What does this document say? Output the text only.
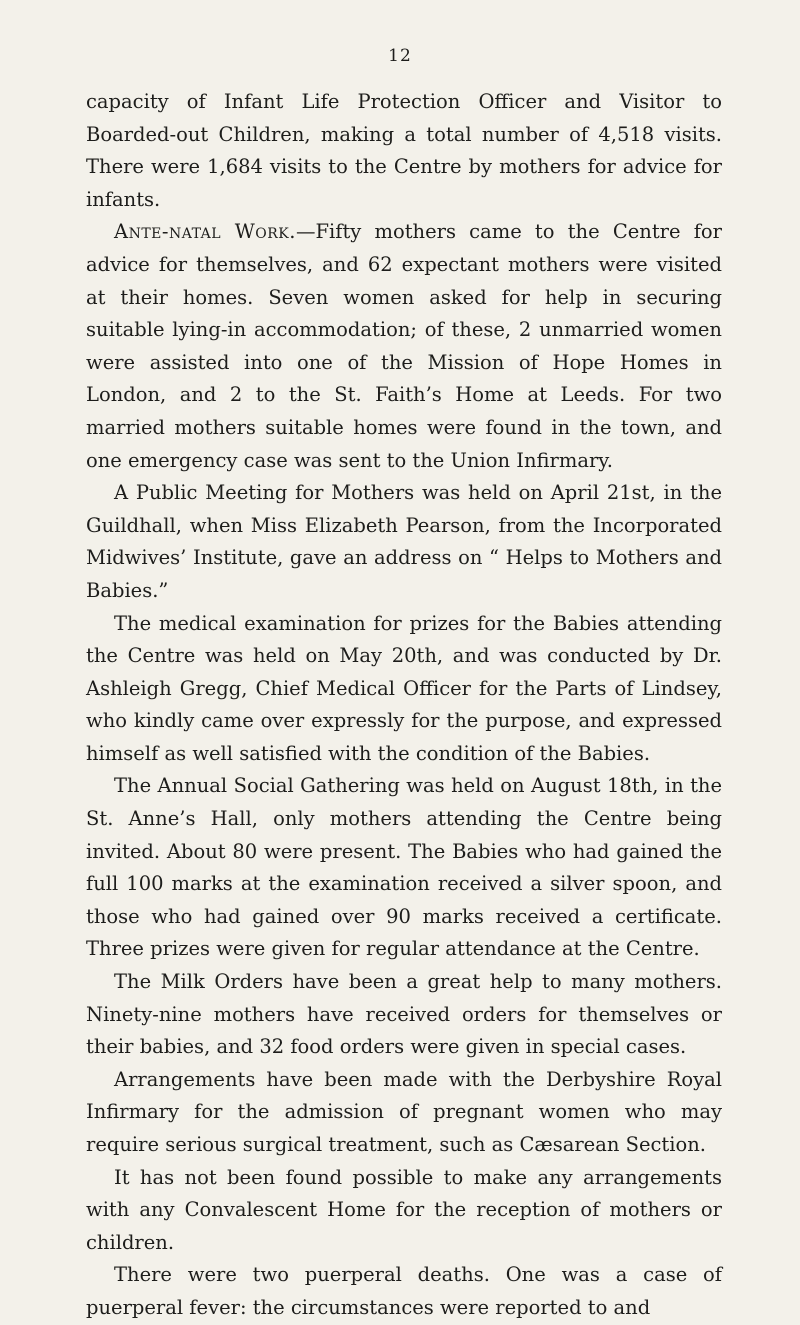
12

capacity of Infant Life Protection Officer and Visitor to Boarded-out Children, making a total number of 4,518 visits. There were 1,684 visits to the Centre by mothers for advice for infants.

Ante-natal Work.—Fifty mothers came to the Centre for advice for themselves, and 62 expectant mothers were visited at their homes. Seven women asked for help in securing suitable lying-in accommodation; of these, 2 unmarried women were assisted into one of the Mission of Hope Homes in London, and 2 to the St. Faith’s Home at Leeds. For two married mothers suitable homes were found in the town, and one emergency case was sent to the Union Infirmary.

A Public Meeting for Mothers was held on April 21st, in the Guildhall, when Miss Elizabeth Pearson, from the Incorporated Midwives’ Institute, gave an address on “ Helps to Mothers and Babies.”

The medical examination for prizes for the Babies attending the Centre was held on May 20th, and was conducted by Dr. Ashleigh Gregg, Chief Medical Officer for the Parts of Lindsey, who kindly came over expressly for the purpose, and expressed himself as well satisfied with the condition of the Babies.

The Annual Social Gathering was held on August 18th, in the St. Anne’s Hall, only mothers attending the Centre being invited. About 80 were present. The Babies who had gained the full 100 marks at the examination received a silver spoon, and those who had gained over 90 marks received a certificate. Three prizes were given for regular attendance at the Centre.

The Milk Orders have been a great help to many mothers. Ninety-nine mothers have received orders for themselves or their babies, and 32 food orders were given in special cases.

Arrangements have been made with the Derbyshire Royal Infirmary for the admission of pregnant women who may require serious surgical treatment, such as Cæsarean Section.

It has not been found possible to make any arrangements with any Convalescent Home for the reception of mothers or children.

There were two puerperal deaths. One was a case of puerperal fever: the circumstances were reported to and
